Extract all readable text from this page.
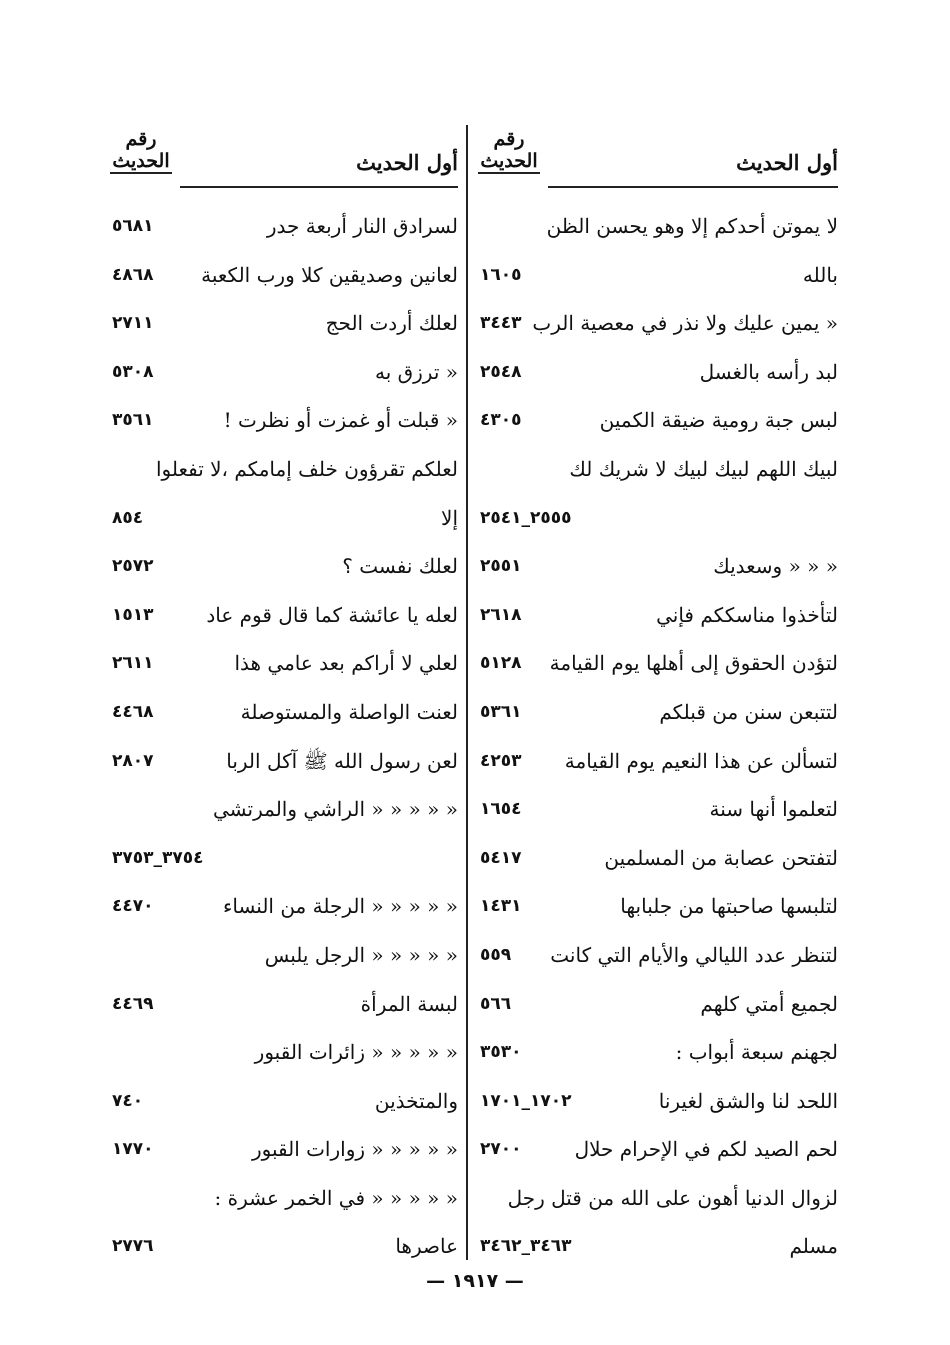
رقم
الحديث	أول الحديث
لا يموتن أحدكم إلا وهو يحسن الظن
بالله
١٦٠٥
« يمين عليك ولا نذر في معصية الرب
٣٤٤٣
لبد رأسه بالغسل
٢٥٤٨
لبس جبة رومية ضيقة الكمين
٤٣٠٥
لبيك اللهم لبيك لبيك لا شريك لك
٢٥٥٥_٢٥٤١
« « « وسعديك
٢٥٥١
لتأخذوا مناسككم فإني
٢٦١٨
لتؤدن الحقوق إلى أهلها يوم القيامة
٥١٢٨
لتتبعن سنن من قبلكم
٥٣٦١
لتسألن عن هذا النعيم يوم القيامة
٤٢٥٣
لتعلموا أنها سنة
١٦٥٤
لتفتحن عصابة من المسلمين
٥٤١٧
لتلبسها صاحبتها من جلبابها
١٤٣١
لتنظر عدد الليالي والأيام التي كانت
٥٥٩
لجميع أمتي كلهم
٥٦٦
لجهنم سبعة أبواب :
٣٥٣٠
اللحد لنا والشق لغيرنا
١٧٠٢_١٧٠١
لحم الصيد لكم في الإحرام حلال
٢٧٠٠
لزوال الدنيا أهون على الله من قتل رجل
مسلم
٣٤٦٣_٣٤٦٢
رقم
الحديث	أول الحديث
لسرادق النار أربعة جدر
٥٦٨١
لعانين وصديقين كلا ورب الكعبة
٤٨٦٨
لعلك أردت الحج
٢٧١١
« ترزق به
٥٣٠٨
« قبلت أو غمزت أو نظرت !
٣٥٦١
لعلكم تقرؤون خلف إمامكم ،لا تفعلوا
إلا
٨٥٤
لعلك نفست ؟
٢٥٧٢
لعله يا عائشة كما قال قوم عاد
١٥١٣
لعلي لا أراكم بعد عامي هذا
٢٦١١
لعنت الواصلة والمستوصلة
٤٤٦٨
لعن رسول الله ﷺ آكل الربا
٢٨٠٧
« « « « « الراشي والمرتشي
٣٧٥٤_٣٧٥٣
« « « « « الرجلة من النساء
٤٤٧٠
« « « « « الرجل يلبس
لبسة المرأة
٤٤٦٩
« « « « « زائرات القبور
والمتخذين
٧٤٠
« « « « « زوارات القبور
١٧٧٠
« « « « « في الخمر عشرة :
عاصرها
٢٧٧٦
— ١٩١٧ —
